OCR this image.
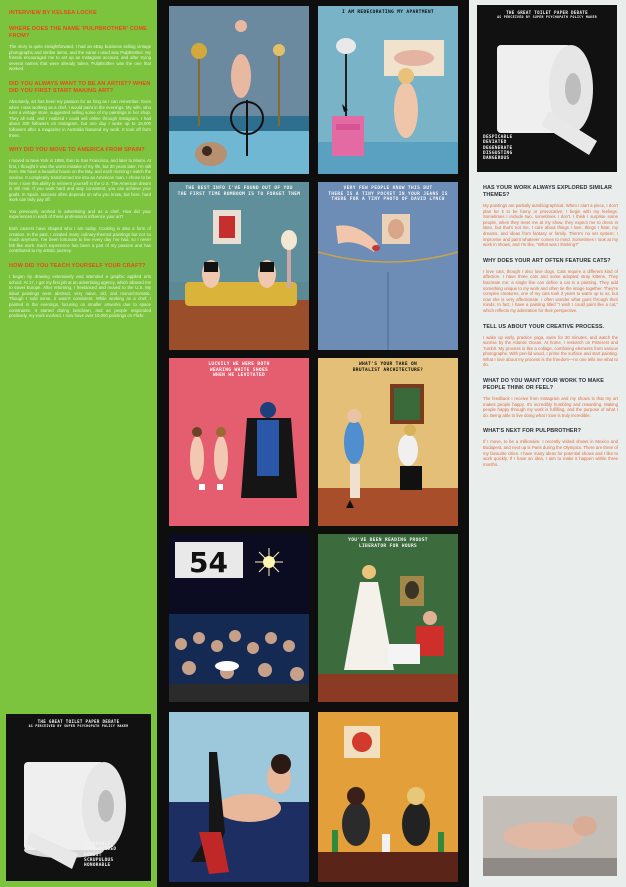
INTERVIEW BY KELSEA LOCKE
WHERE DOES THE NAME 'PULPBROTHER' COME FROM?
The story is quite straightforward, I had an eBay business selling vintage photographs and similar items, and the name I used was PulpBrother. My friends encouraged me to set up an Instagram account, and after trying several names that were already taken, PulpBrother was the one that worked.
DID YOU ALWAYS WANT TO BE AN ARTIST? WHEN DID YOU FIRST START MAKING ART?
Absolutely, art has been my passion for as long as I can remember. Even when I was working as a chef, I would paint in the evenings. My wife, who runs a vintage store, suggested selling some of my paintings in her shop. They all sold, and I realized I could sell online through Instagram. I had about 300 followers on Instagram, but one day I woke up to 15,000 followers after a magazine in Australia featured my work. It took off from there.
WHY DID YOU MOVE TO AMERICA FROM SPAIN?
I moved to New York in 1986, then to San Francisco, and later to Miami. At first, I thought it was the worst mistake of my life, but 30 years later, I'm still here. We have a beautiful house on the Bay, and each morning I watch the sunrise. It completely transformed me into an American man, I chose to be here. I love this ability to reinvent yourself in the U.S. The American dream is still real. If you work hard and stay consistent, you can achieve your goals. In Spain, success often depends on who you know, but here, hard work can truly pay off.
You previously worked in advertising and as a chef. How did your experiences in each of these professions influence your art?
Both careers have shaped who I am today. Cooking is also a form of creation. In the past, I created many culinary-themed paintings but not so much anymore. I've been fortunate to live every day I've had, so I never felt like work. Each experience has been a part of my passion and has contributed to my artistic journey.
HOW DID YOU TEACH YOURSELF YOUR CRAFT?
I began by drawing extensively and attended a graphic applied arts school. At 17, I got my first job at an advertising agency, which allowed me to travel Europe. After returning, I freelanced and moved to the U.S. My initial paintings were abstract, very naive, old, and monochromatic. Though I sold some, it wasn't consistent. While working as a chef, I painted in the evenings, focusing on smaller artworks due to space constraints. It started during lockdown, and as people responded positively, my work evolved. I now have over 10,000 paintings on Flickr.
THE GREAT TOILET PAPER DEBATE
AS PERCEIVED BY SUPER PSYCHOPATH POLICY MAKER
HONORABLE
HIGH-MINDED
HONEST
SCRUPULOUS
HONORABLE
THE BEST INFO I'VE FOUND OUT OF YOU
THE FIRST TIME ROMBOOM IS TO FORGET THEM
LUCKILY WE WERE BOTH
WEARING WHITE SHOES
WHEN HE LEVITATED
54
I AM REDECORATING MY APARTMENT
VERY FEW PEOPLE KNOW THIS BUT
THERE IS A TINY POCKET IN YOUR JEANS IS
THERE FOR A TINY PHOTO OF DAVID LYNCH
WHAT'S YOUR TAKE ON
BRUTALIST ARCHITECTURE?
YOU'VE BEEN READING PROUST
LIBERATOR FOR HOURS
THE GREAT TOILET PAPER DEBATE
AS PERCEIVED BY SUPER PSYCHOPATH POLICY MAKER
DESPICABLE
DEVIATED
DEGENERATE
DISGUSTING
DANGEROUS
HAS YOUR WORK ALWAYS EXPLORED SIMILAR THEMES?
My paintings are partially autobiographical. When I start a piece, I don't plan for it to be funny or provocative; I begin with my feelings. Sometimes I include two, sometimes I don't. I think I surprise some people, when they meet me at my show, they expect me to dress in latex, but that's not me. I care about things I love, things I hate, my dreams, and ideas from fantasy or family. There's no set system; I improvise and paint whatever comes to mind. Sometimes I look at my work in shows, and I'm like, "What was I thinking?"
WHY DOES YOUR ART OFTEN FEATURE CATS?
I love cats, though I also love dogs. Cats require a different kind of affection. I have three cats and some adopted stray kittens. They fascinate me: a single line can define a cat in a painting. They add something unique to my work and often tie the image together. They're complex creatures, one of my cats took 3 years to warm up to us, but now she is very affectionate. I often wonder what goes through their minds. In fact, I have a painting titled "I wish I could paint like a cat," which reflects my admiration for their perspective.
TELL US ABOUT YOUR CREATIVE PROCESS.
I wake up early, practice yoga, swim for 30 minutes, and watch the sunrise by the Atlantic Ocean. At home, I research on Pinterest and Tumblr. My process is like a collage, combining elements from various photographs. With pen-lid wood, I prime the surface and start painting. What I love about my process is the freedom—no one tells me what to do.
WHAT DO YOU WANT YOUR WORK TO MAKE PEOPLE THINK OR FEEL?
The feedback I receive from Instagram and my shows is that my art makes people happy. It's incredibly humbling and rewarding. Making people happy through my work is fulfilling, and the purpose of what I do. Being able to live doing what I love is truly incredible.
WHAT'S NEXT FOR PULPBROTHER?
If I move, to be a millionaire. I recently visited shows in Mexico and Budapest, and next up is Paris during the Olympics. There are three of my favourite cities. I have many ideas for potential shows and I like to work quickly. If I have an idea, I aim to make it happen within three months.
